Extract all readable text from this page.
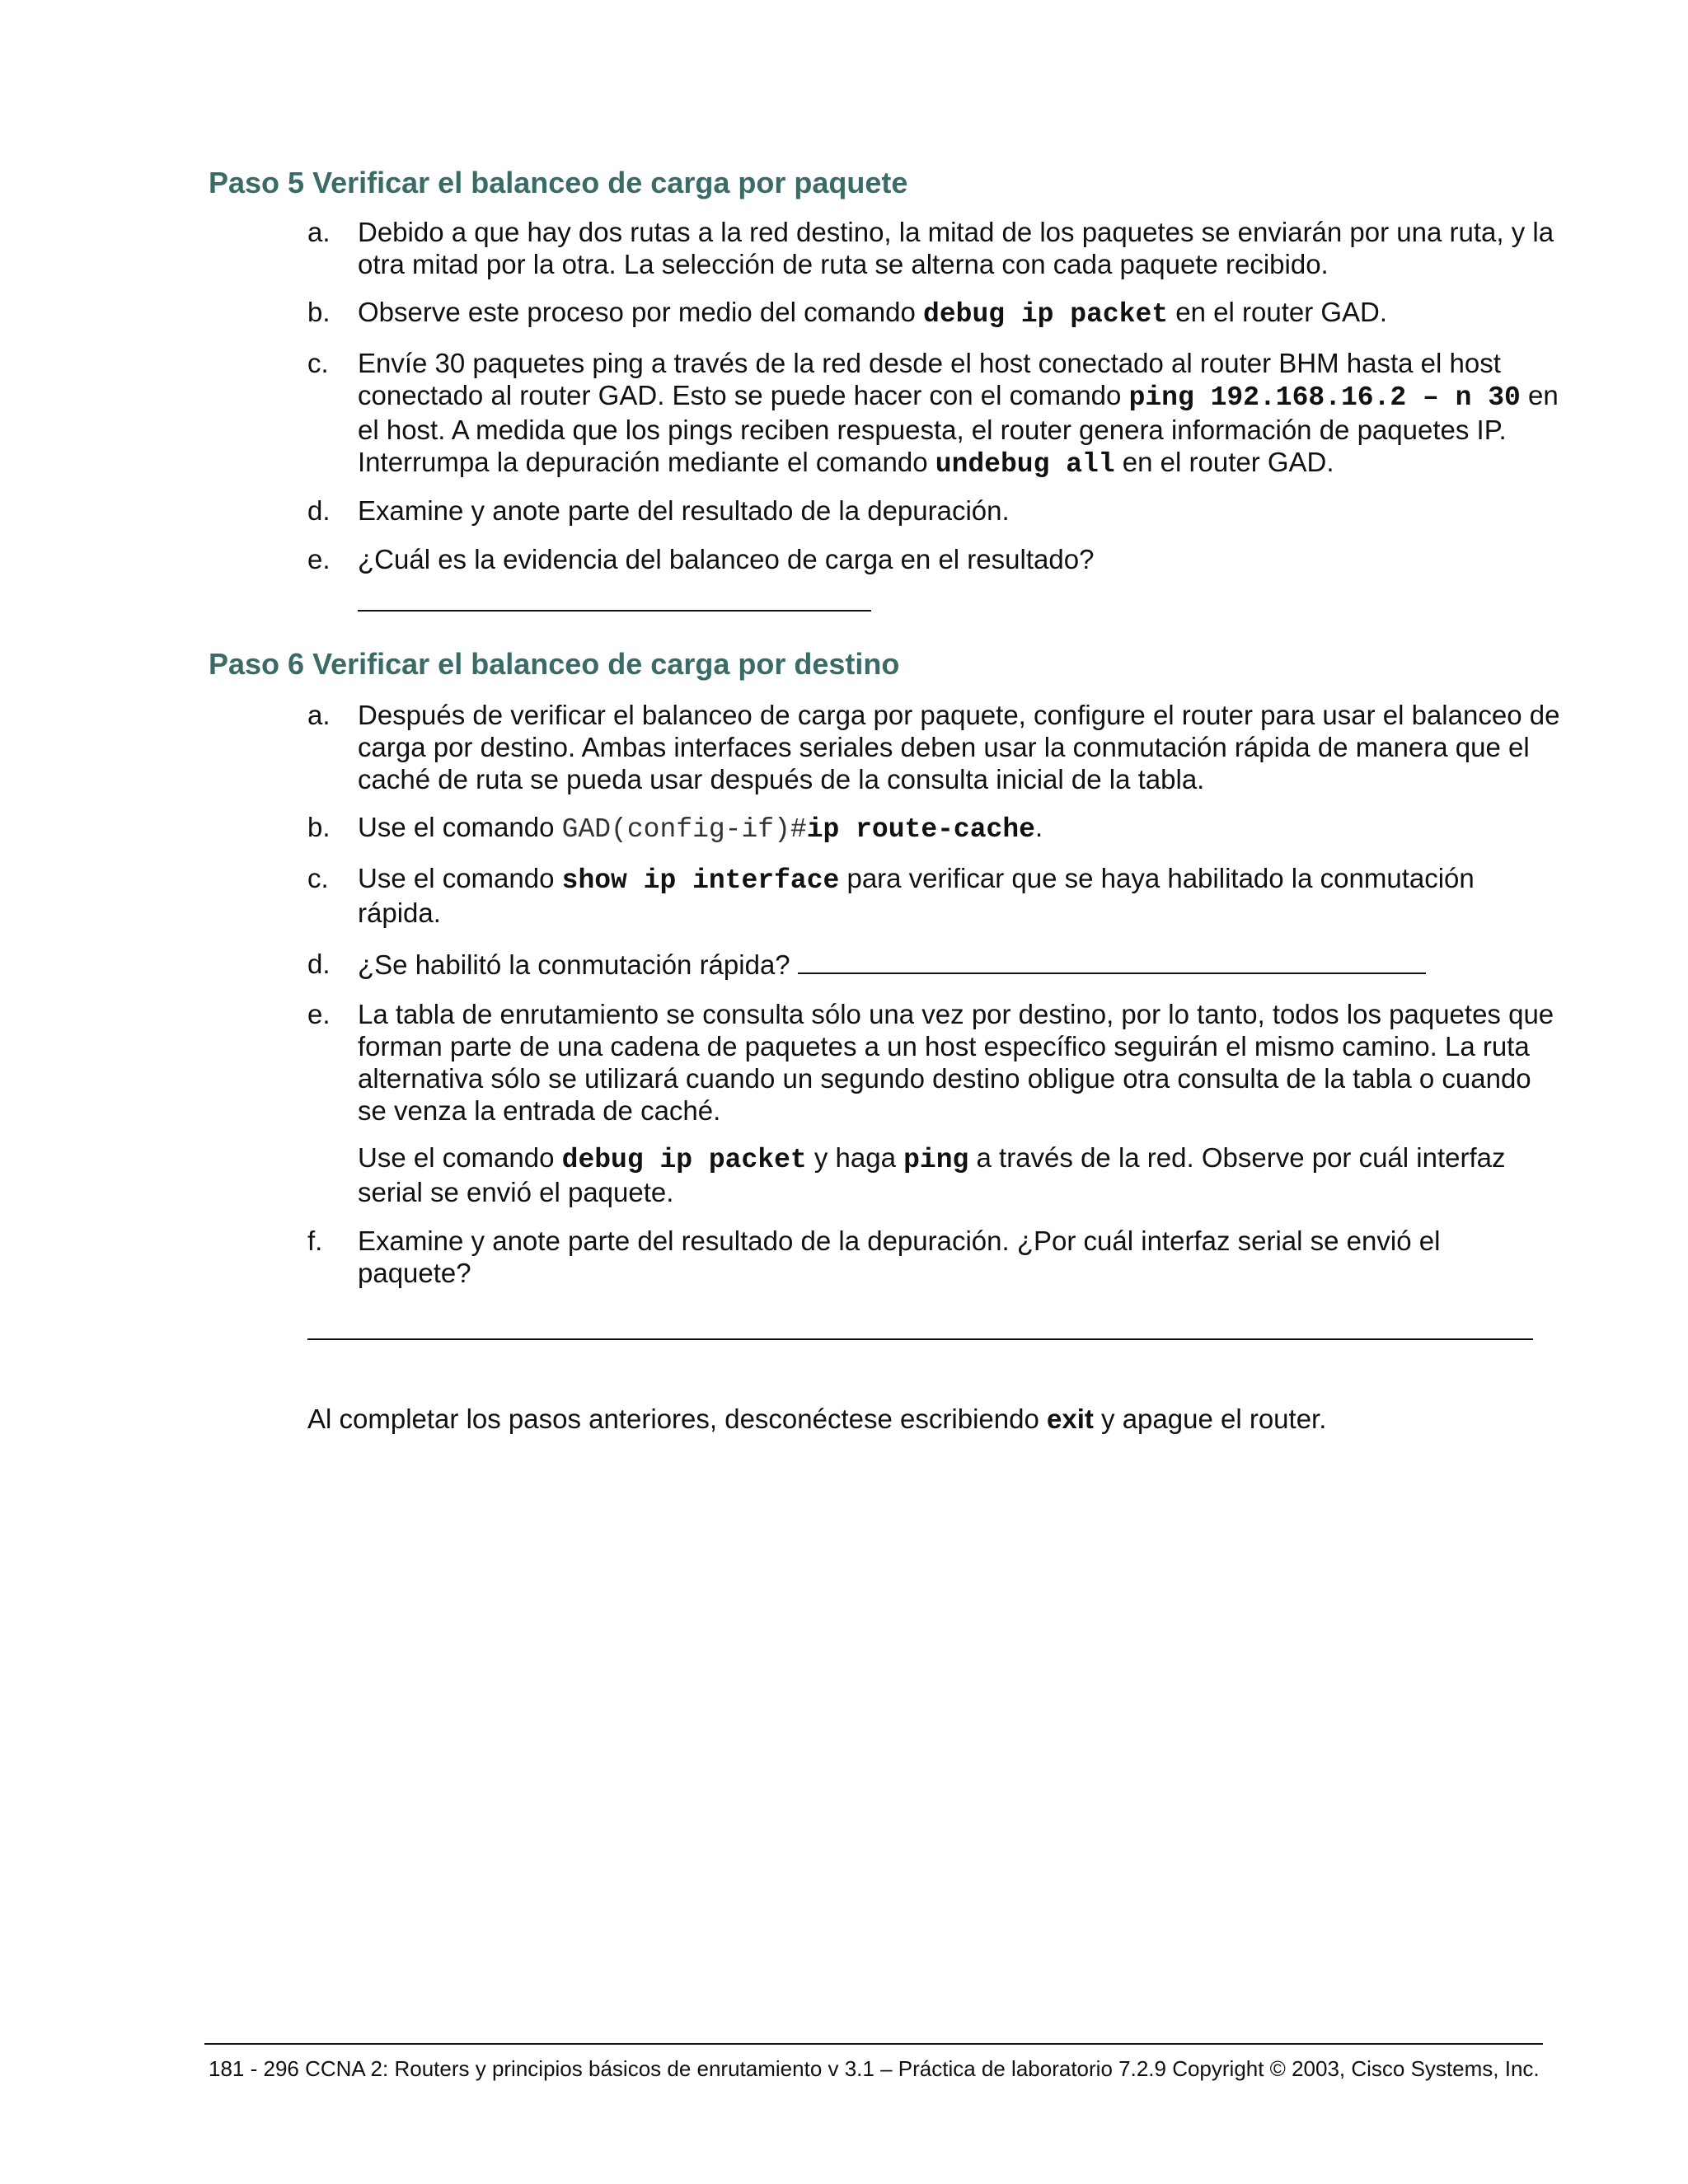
Paso 5 Verificar el balanceo de carga por paquete
a.	Debido a que hay dos rutas a la red destino, la mitad de los paquetes se enviarán por una ruta, y la otra mitad por la otra. La selección de ruta se alterna con cada paquete recibido.
b.	Observe este proceso por medio del comando debug ip packet en el router GAD.
c.	Envíe 30 paquetes ping a través de la red desde el host conectado al router BHM hasta el host conectado al router GAD. Esto se puede hacer con el comando ping 192.168.16.2 – n 30 en el host. A medida que los pings reciben respuesta, el router genera información de paquetes IP. Interrumpa la depuración mediante el comando undebug all en el router GAD.
d.	Examine y anote parte del resultado de la depuración.
e.	¿Cuál es la evidencia del balanceo de carga en el resultado?
Paso 6 Verificar el balanceo de carga por destino
a.	Después de verificar el balanceo de carga por paquete, configure el router para usar el balanceo de carga por destino. Ambas interfaces seriales deben usar la conmutación rápida de manera que el caché de ruta se pueda usar después de la consulta inicial de la tabla.
b.	Use el comando GAD(config-if)#ip route-cache.
c.	Use el comando show ip interface para verificar que se haya habilitado la conmutación rápida.
d.	¿Se habilitó la conmutación rápida?
e.	La tabla de enrutamiento se consulta sólo una vez por destino, por lo tanto, todos los paquetes que forman parte de una cadena de paquetes a un host específico seguirán el mismo camino. La ruta alternativa sólo se utilizará cuando un segundo destino obligue otra consulta de la tabla o cuando se venza la entrada de caché.
Use el comando debug ip packet y haga ping a través de la red. Observe por cuál interfaz serial se envió el paquete.
f.	Examine y anote parte del resultado de la depuración. ¿Por cuál interfaz serial se envió el paquete?
Al completar los pasos anteriores, desconéctese escribiendo exit y apague el router.
181 - 296 CCNA 2: Routers y principios básicos de enrutamiento v 3.1 – Práctica de laboratorio 7.2.9 Copyright © 2003, Cisco Systems, Inc.
